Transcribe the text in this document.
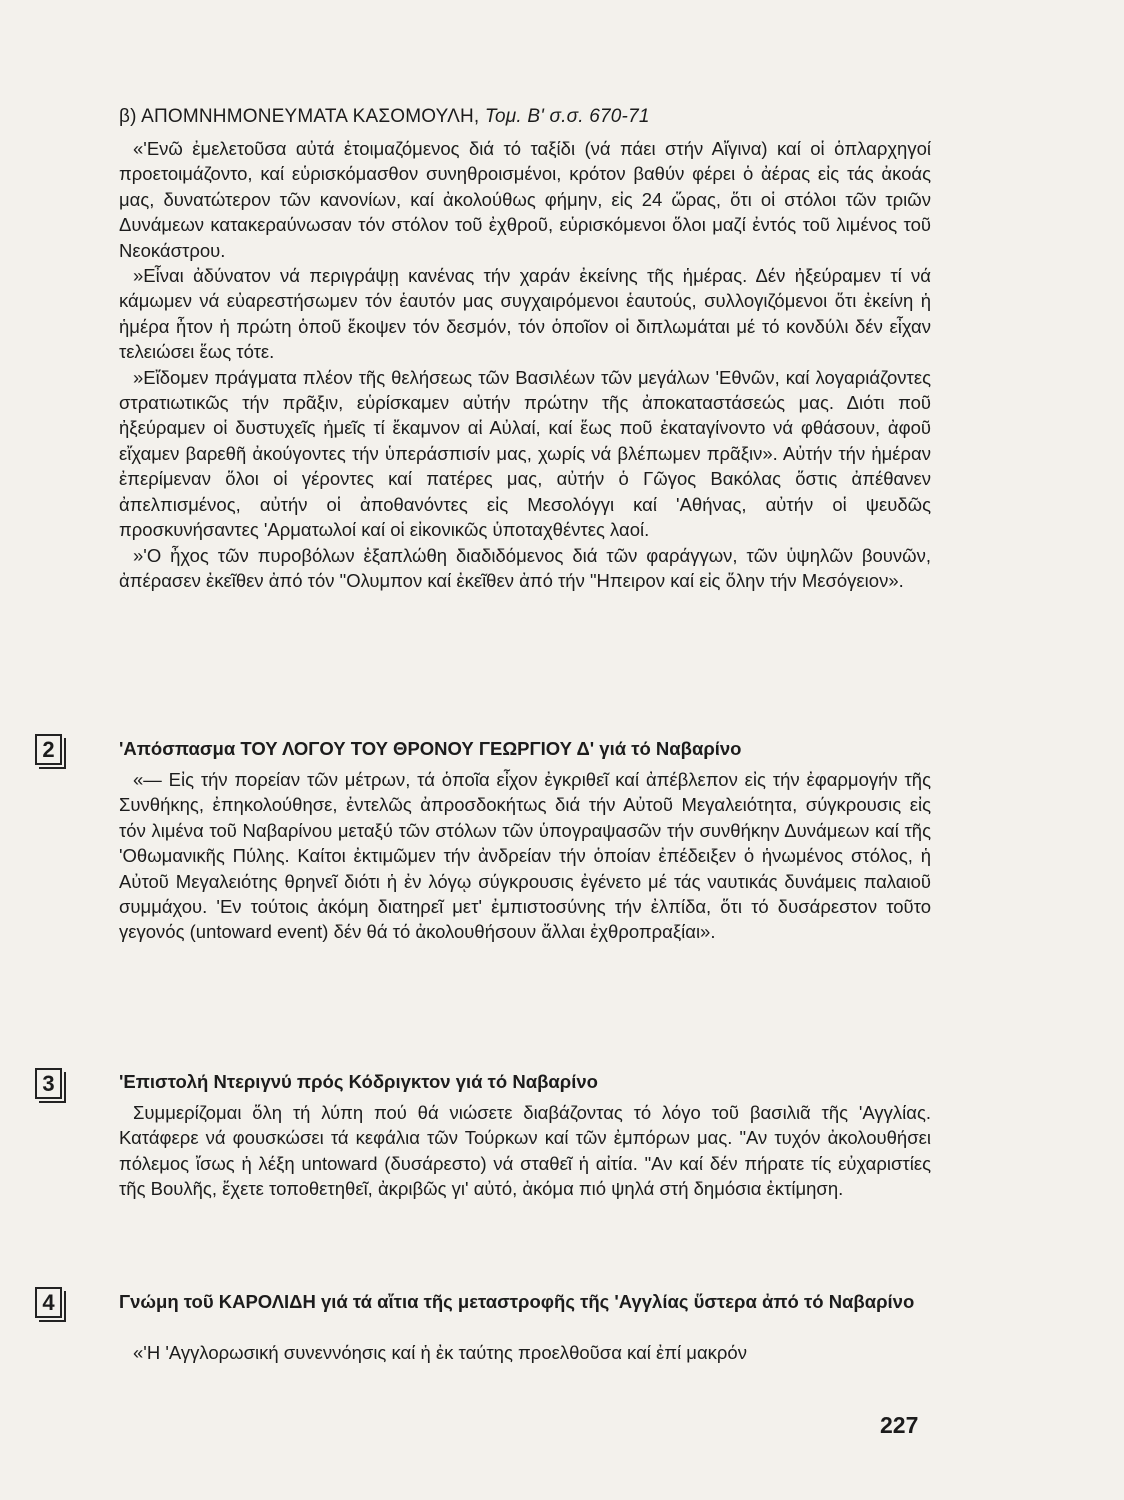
β) ΑΠΟΜΝΗΜΟΝΕΥΜΑΤΑ ΚΑΣΟΜΟΥΛΗ, Τομ. Β' σ.σ. 670-71

«'Ενῶ ἐμελετοῦσα αὐτά ἑτοιμαζόμενος διά τό ταξίδι (νά πάει στήν Αἴγινα) καί οἱ ὁπλαρχηγοί προετοιμάζοντο, καί εὑρισκόμασθον συνηθροισμένοι, κρότον βαθύν φέρει ὁ ἀέρας εἰς τάς ἀκοάς μας, δυνατώτερον τῶν κανονίων, καί ἀκολούθως φήμην, εἰς 24 ὥρας, ὅτι οἱ στόλοι τῶν τριῶν Δυνάμεων κατακεραύνωσαν τόν στόλον τοῦ ἐχθροῦ, εὑρισκόμενοι ὅλοι μαζί ἐντός τοῦ λιμένος τοῦ Νεοκάστρου.

»Εἶναι ἀδύνατον νά περιγράψῃ κανένας τήν χαράν ἐκείνης τῆς ἡμέρας. Δέν ἠξεύραμεν τί νά κάμωμεν νά εὐαρεστήσωμεν τόν ἑαυτόν μας συγχαιρόμενοι ἑαυτούς, συλλογιζόμενοι ὅτι ἐκείνη ἡ ἡμέρα ἦτον ἡ πρώτη ὁποῦ ἔκοψεν τόν δεσμόν, τόν ὁποῖον οἱ διπλωμάται μέ τό κονδύλι δέν εἶχαν τελειώσει ἕως τότε.

»Εἴδομεν πράγματα πλέον τῆς θελήσεως τῶν Βασιλέων τῶν μεγάλων 'Εθνῶν, καί λογαριάζοντες στρατιωτικῶς τήν πρᾶξιν, εὑρίσκαμεν αὐτήν πρώτην τῆς ἀποκαταστάσεώς μας. Διότι ποῦ ἠξεύραμεν οἱ δυστυχεῖς ἡμεῖς τί ἔκαμνον αἱ Αὐλαί, καί ἕως ποῦ ἐκαταγίνοντο νά φθάσουν, ἀφοῦ εἴχαμεν βαρεθῆ ἀκούγοντες τήν ὑπεράσπισίν μας, χωρίς νά βλέπωμεν πρᾶξιν». Αὐτήν τήν ἡμέραν ἐπερίμεναν ὅλοι οἱ γέροντες καί πατέρες μας, αὐτήν ὁ Γῶγος Βακόλας ὅστις ἀπέθανεν ἀπελπισμένος, αὐτήν οἱ ἀποθανόντες εἰς Μεσολόγγι καί 'Αθήνας, αὐτήν οἱ ψευδῶς προσκυνήσαντες 'Αρματωλοί καί οἱ εἰκονικῶς ὑποταχθέντες λαοί.

»'Ο ἦχος τῶν πυροβόλων ἐξαπλώθη διαδιδόμενος διά τῶν φαράγγων, τῶν ὑψηλῶν βουνῶν, ἀπέρασεν ἐκεῖθεν ἀπό τόν "Ολυμπον καί ἐκεῖθεν ἀπό τήν "Ηπειρον καί εἰς ὅλην τήν Μεσόγειον».

2	'Απόσπασμα ΤΟΥ ΛΟΓΟΥ ΤΟΥ ΘΡΟΝΟΥ ΓΕΩΡΓΙΟΥ Δ' γιά τό Ναβαρίνο

«— Εἰς τήν πορείαν τῶν μέτρων, τά ὁποῖα εἶχον ἐγκριθεῖ καί ἀπέβλεπον εἰς τήν ἐφαρμογήν τῆς Συνθήκης, ἐπηκολούθησε, ἐντελῶς ἀπροσδοκήτως διά τήν Αὐτοῦ Μεγαλειότητα, σύγκρουσις εἰς τόν λιμένα τοῦ Ναβαρίνου μεταξύ τῶν στόλων τῶν ὑπογραψασῶν τήν συνθήκην Δυνάμεων καί τῆς 'Οθωμανικῆς Πύλης. Καίτοι ἐκτιμῶμεν τήν ἀνδρείαν τήν ὁποίαν ἐπέδειξεν ὁ ἡνωμένος στόλος, ἡ Αὐτοῦ Μεγαλειότης θρηνεῖ διότι ἡ ἐν λόγῳ σύγκρουσις ἐγένετο μέ τάς ναυτικάς δυνάμεις παλαιοῦ συμμάχου. 'Εν τούτοις ἀκόμη διατηρεῖ μετ' ἐμπιστοσύνης τήν ἐλπίδα, ὅτι τό δυσάρεστον τοῦτο γεγονός (untoward event) δέν θά τό ἀκολουθήσουν ἄλλαι ἐχθροπραξίαι».

3	'Επιστολή Ντεριγνύ πρός Κόδριγκτον γιά τό Ναβαρίνο

Συμμερίζομαι ὅλη τή λύπη πού θά νιώσετε διαβάζοντας τό λόγο τοῦ βασιλιᾶ τῆς 'Αγγλίας. Κατάφερε νά φουσκώσει τά κεφάλια τῶν Τούρκων καί τῶν ἐμπόρων μας. "Αν τυχόν ἀκολουθήσει πόλεμος ἴσως ἡ λέξη untoward (δυσάρεστο) νά σταθεῖ ἡ αἰτία. "Αν καί δέν πήρατε τίς εὐχαριστίες τῆς Βουλῆς, ἔχετε τοποθετηθεῖ, ἀκριβῶς γι' αὐτό, ἀκόμα πιό ψηλά στή δημόσια ἐκτίμηση.

4	Γνώμη τοῦ ΚΑΡΟΛΙΔΗ γιά τά αἴτια τῆς μεταστροφῆς τῆς 'Αγγλίας ὕστερα ἀπό τό Ναβαρίνο

«'Η 'Αγγλορωσική συνεννόησις καί ἡ ἐκ ταύτης προελθοῦσα καί ἐπί μακρόν

227
